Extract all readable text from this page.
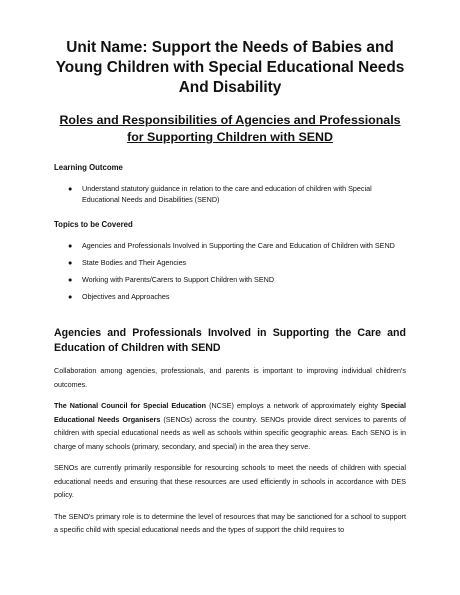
Unit Name: Support the Needs of Babies and Young Children with Special Educational Needs And Disability
Roles and Responsibilities of Agencies and Professionals for Supporting Children with SEND
Learning Outcome
● Understand statutory guidance in relation to the care and education of children with Special Educational Needs and Disabilities (SEND)
Topics to be Covered
● Agencies and Professionals Involved in Supporting the Care and Education of Children with SEND
● State Bodies and Their Agencies
● Working with Parents/Carers to Support Children with SEND
● Objectives and Approaches
Agencies and Professionals Involved in Supporting the Care and Education of Children with SEND

Collaboration among agencies, professionals, and parents is important to improving individual children's outcomes.

The National Council for Special Education (NCSE) employs a network of approximately eighty Special Educational Needs Organisers (SENOs) across the country. SENOs provide direct services to parents of children with special educational needs as well as schools within specific geographic areas. Each SENO is in charge of many schools (primary, secondary, and special) in the area they serve.

SENOs are currently primarily responsible for resourcing schools to meet the needs of children with special educational needs and ensuring that these resources are used efficiently in schools in accordance with DES policy.

The SENO's primary role is to determine the level of resources that may be sanctioned for a school to support a specific child with special educational needs and the types of support the child requires to
